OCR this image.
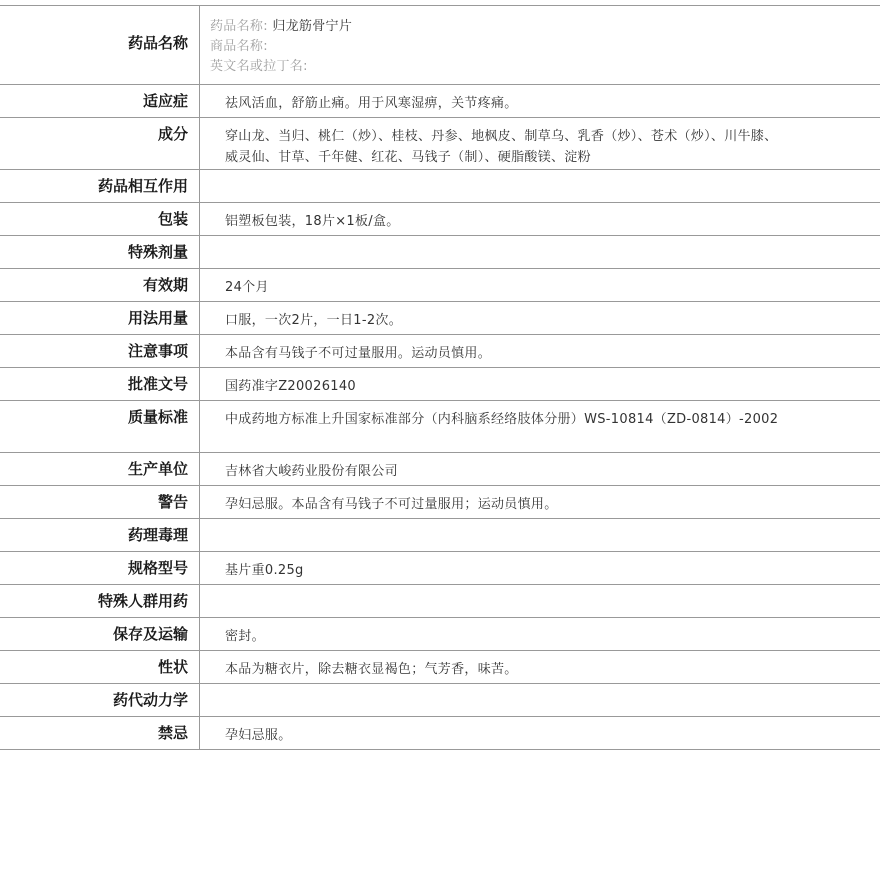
药品名称
药品名称: 归龙筋骨宁片
商品名称:
英文名或拉丁名:
适应症	祛风活血，舒筋止痛。用于风寒湿痹，关节疼痛。
成分	穿山龙、当归、桃仁（炒）、桂枝、丹参、地枫皮、制草乌、乳香（炒）、苍术（炒）、川牛膝、威灵仙、甘草、千年健、红花、马钱子（制）、硬脂酸镁、淀粉
药品相互作用
包装	铝塑板包装，18片×1板/盒。
特殊剂量
有效期	24个月
用法用量	口服，一次2片，一日1-2次。
注意事项	本品含有马钱子不可过量服用。运动员慎用。
批准文号	国药准字Z20026140
质量标准	中成药地方标准上升国家标准部分（内科脑系经络肢体分册）WS-10814（ZD-0814）-2002
生产单位	吉林省大峻药业股份有限公司
警告	孕妇忌服。本品含有马钱子不可过量服用；运动员慎用。
药理毒理
规格型号	基片重0.25g
特殊人群用药
保存及运输	密封。
性状	本品为糖衣片，除去糖衣显褐色；气芳香，味苦。
药代动力学
禁忌	孕妇忌服。
